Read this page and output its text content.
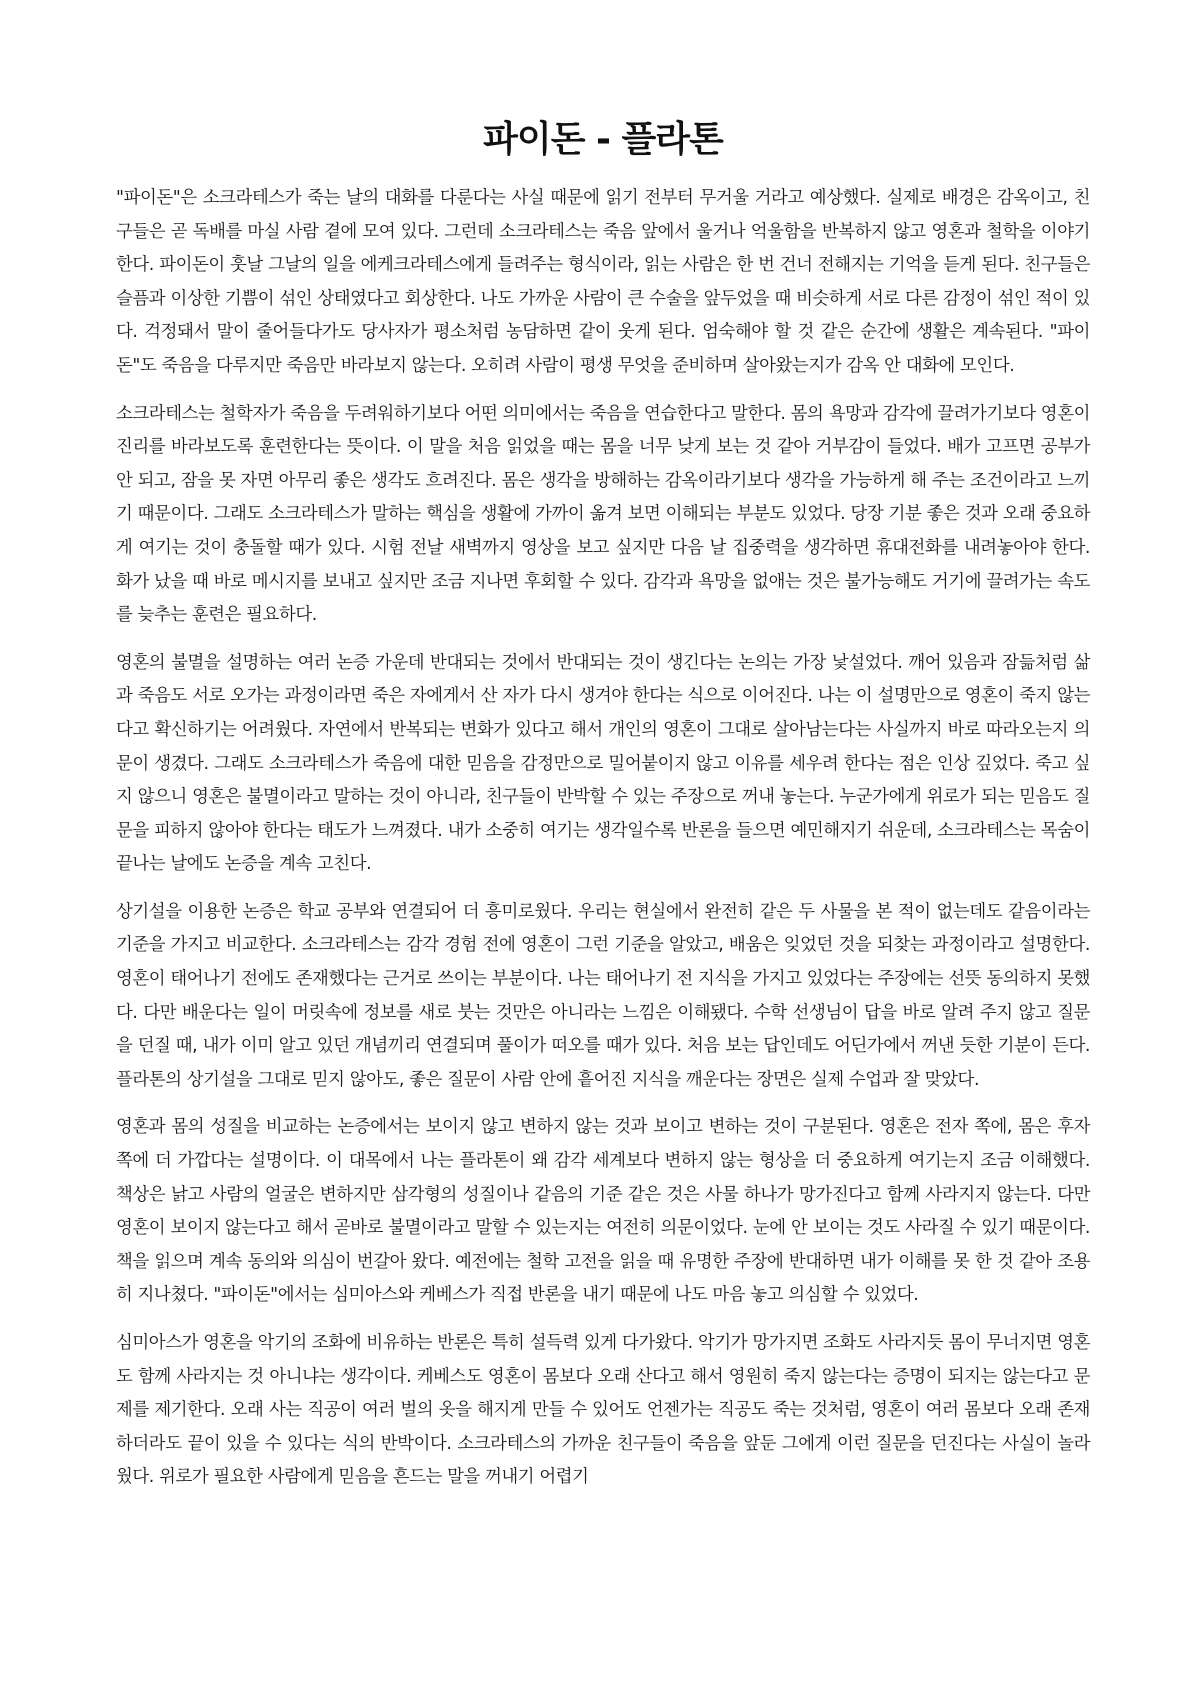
파이돈 - 플라톤

"파이돈"은 소크라테스가 죽는 날의 대화를 다룬다는 사실 때문에 읽기 전부터 무거울 거라고 예상했다. 실제로 배경은 감옥이고, 친구들은 곧 독배를 마실 사람 곁에 모여 있다. 그런데 소크라테스는 죽음 앞에서 울거나 억울함을 반복하지 않고 영혼과 철학을 이야기한다. 파이돈이 훗날 그날의 일을 에케크라테스에게 들려주는 형식이라, 읽는 사람은 한 번 건너 전해지는 기억을 듣게 된다. 친구들은 슬픔과 이상한 기쁨이 섞인 상태였다고 회상한다. 나도 가까운 사람이 큰 수술을 앞두었을 때 비슷하게 서로 다른 감정이 섞인 적이 있다. 걱정돼서 말이 줄어들다가도 당사자가 평소처럼 농담하면 같이 웃게 된다. 엄숙해야 할 것 같은 순간에 생활은 계속된다. "파이돈"도 죽음을 다루지만 죽음만 바라보지 않는다. 오히려 사람이 평생 무엇을 준비하며 살아왔는지가 감옥 안 대화에 모인다.

소크라테스는 철학자가 죽음을 두려워하기보다 어떤 의미에서는 죽음을 연습한다고 말한다. 몸의 욕망과 감각에 끌려가기보다 영혼이 진리를 바라보도록 훈련한다는 뜻이다. 이 말을 처음 읽었을 때는 몸을 너무 낮게 보는 것 같아 거부감이 들었다. 배가 고프면 공부가 안 되고, 잠을 못 자면 아무리 좋은 생각도 흐려진다. 몸은 생각을 방해하는 감옥이라기보다 생각을 가능하게 해 주는 조건이라고 느끼기 때문이다. 그래도 소크라테스가 말하는 핵심을 생활에 가까이 옮겨 보면 이해되는 부분도 있었다. 당장 기분 좋은 것과 오래 중요하게 여기는 것이 충돌할 때가 있다. 시험 전날 새벽까지 영상을 보고 싶지만 다음 날 집중력을 생각하면 휴대전화를 내려놓아야 한다. 화가 났을 때 바로 메시지를 보내고 싶지만 조금 지나면 후회할 수 있다. 감각과 욕망을 없애는 것은 불가능해도 거기에 끌려가는 속도를 늦추는 훈련은 필요하다.

영혼의 불멸을 설명하는 여러 논증 가운데 반대되는 것에서 반대되는 것이 생긴다는 논의는 가장 낯설었다. 깨어 있음과 잠듦처럼 삶과 죽음도 서로 오가는 과정이라면 죽은 자에게서 산 자가 다시 생겨야 한다는 식으로 이어진다. 나는 이 설명만으로 영혼이 죽지 않는다고 확신하기는 어려웠다. 자연에서 반복되는 변화가 있다고 해서 개인의 영혼이 그대로 살아남는다는 사실까지 바로 따라오는지 의문이 생겼다. 그래도 소크라테스가 죽음에 대한 믿음을 감정만으로 밀어붙이지 않고 이유를 세우려 한다는 점은 인상 깊었다. 죽고 싶지 않으니 영혼은 불멸이라고 말하는 것이 아니라, 친구들이 반박할 수 있는 주장으로 꺼내 놓는다. 누군가에게 위로가 되는 믿음도 질문을 피하지 않아야 한다는 태도가 느껴졌다. 내가 소중히 여기는 생각일수록 반론을 들으면 예민해지기 쉬운데, 소크라테스는 목숨이 끝나는 날에도 논증을 계속 고친다.

상기설을 이용한 논증은 학교 공부와 연결되어 더 흥미로웠다. 우리는 현실에서 완전히 같은 두 사물을 본 적이 없는데도 같음이라는 기준을 가지고 비교한다. 소크라테스는 감각 경험 전에 영혼이 그런 기준을 알았고, 배움은 잊었던 것을 되찾는 과정이라고 설명한다. 영혼이 태어나기 전에도 존재했다는 근거로 쓰이는 부분이다. 나는 태어나기 전 지식을 가지고 있었다는 주장에는 선뜻 동의하지 못했다. 다만 배운다는 일이 머릿속에 정보를 새로 붓는 것만은 아니라는 느낌은 이해됐다. 수학 선생님이 답을 바로 알려 주지 않고 질문을 던질 때, 내가 이미 알고 있던 개념끼리 연결되며 풀이가 떠오를 때가 있다. 처음 보는 답인데도 어딘가에서 꺼낸 듯한 기분이 든다. 플라톤의 상기설을 그대로 믿지 않아도, 좋은 질문이 사람 안에 흩어진 지식을 깨운다는 장면은 실제 수업과 잘 맞았다.

영혼과 몸의 성질을 비교하는 논증에서는 보이지 않고 변하지 않는 것과 보이고 변하는 것이 구분된다. 영혼은 전자 쪽에, 몸은 후자 쪽에 더 가깝다는 설명이다. 이 대목에서 나는 플라톤이 왜 감각 세계보다 변하지 않는 형상을 더 중요하게 여기는지 조금 이해했다. 책상은 낡고 사람의 얼굴은 변하지만 삼각형의 성질이나 같음의 기준 같은 것은 사물 하나가 망가진다고 함께 사라지지 않는다. 다만 영혼이 보이지 않는다고 해서 곧바로 불멸이라고 말할 수 있는지는 여전히 의문이었다. 눈에 안 보이는 것도 사라질 수 있기 때문이다. 책을 읽으며 계속 동의와 의심이 번갈아 왔다. 예전에는 철학 고전을 읽을 때 유명한 주장에 반대하면 내가 이해를 못 한 것 같아 조용히 지나쳤다. "파이돈"에서는 심미아스와 케베스가 직접 반론을 내기 때문에 나도 마음 놓고 의심할 수 있었다.

심미아스가 영혼을 악기의 조화에 비유하는 반론은 특히 설득력 있게 다가왔다. 악기가 망가지면 조화도 사라지듯 몸이 무너지면 영혼도 함께 사라지는 것 아니냐는 생각이다. 케베스도 영혼이 몸보다 오래 산다고 해서 영원히 죽지 않는다는 증명이 되지는 않는다고 문제를 제기한다. 오래 사는 직공이 여러 벌의 옷을 해지게 만들 수 있어도 언젠가는 직공도 죽는 것처럼, 영혼이 여러 몸보다 오래 존재하더라도 끝이 있을 수 있다는 식의 반박이다. 소크라테스의 가까운 친구들이 죽음을 앞둔 그에게 이런 질문을 던진다는 사실이 놀라웠다. 위로가 필요한 사람에게 믿음을 흔드는 말을 꺼내기 어렵기
